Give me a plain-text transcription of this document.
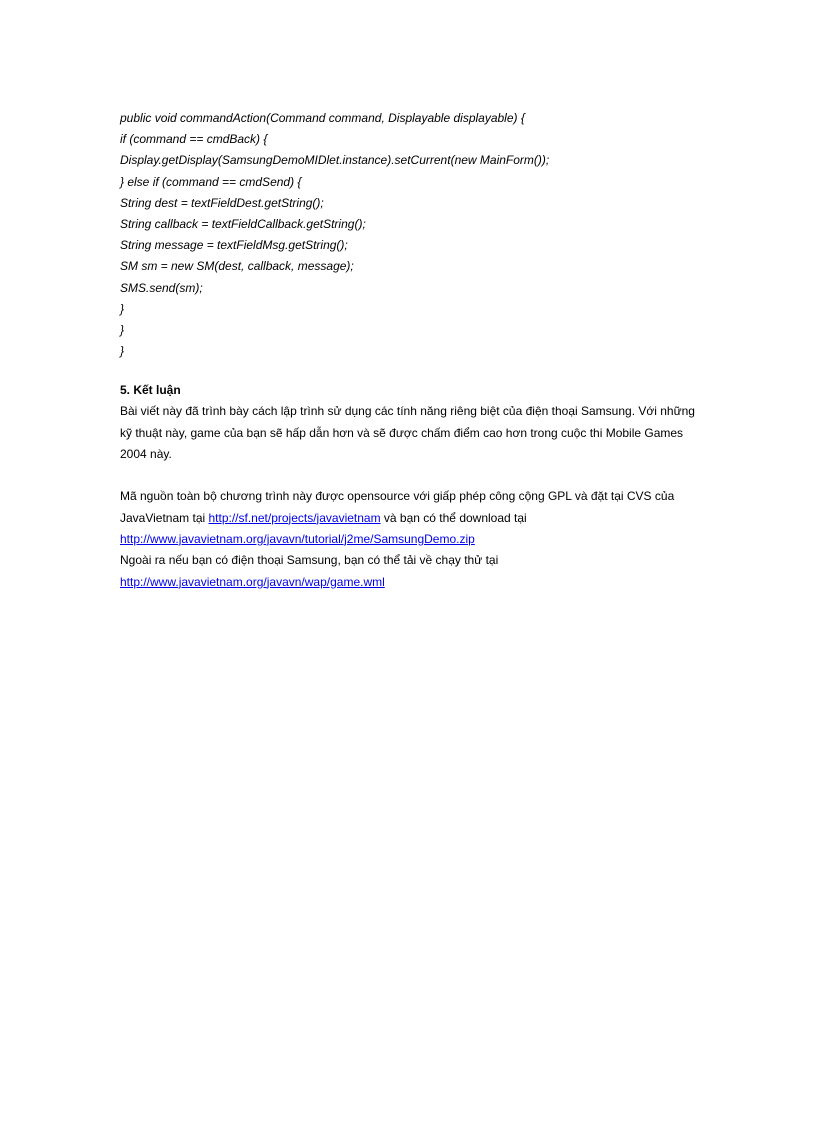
public void commandAction(Command command, Displayable displayable) {
if (command == cmdBack) {
Display.getDisplay(SamsungDemoMIDlet.instance).setCurrent(new MainForm());
} else if (command == cmdSend) {
String dest = textFieldDest.getString();
String callback = textFieldCallback.getString();
String message = textFieldMsg.getString();
SM sm = new SM(dest, callback, message);
SMS.send(sm);
}
}
}
5. Kết luận
Bài viết này đã trình bày cách lập trình sử dụng các tính năng riêng biệt của điện thoại Samsung. Với những
kỹ thuật này, game của bạn sẽ hấp dẫn hơn và sẽ được chấm điểm cao hơn trong cuộc thi Mobile Games
2004 này.
Mã nguồn toàn bộ chương trình này được opensource với giấp phép công cộng GPL và đặt tại CVS của
JavaVietnam tại http://sf.net/projects/javavietnam và bạn có thể download tại
http://www.javavietnam.org/javavn/tutorial/j2me/SamsungDemo.zip
Ngoài ra nếu bạn có điện thoại Samsung, bạn có thể tải về chạy thử tại
http://www.javavietnam.org/javavn/wap/game.wml
